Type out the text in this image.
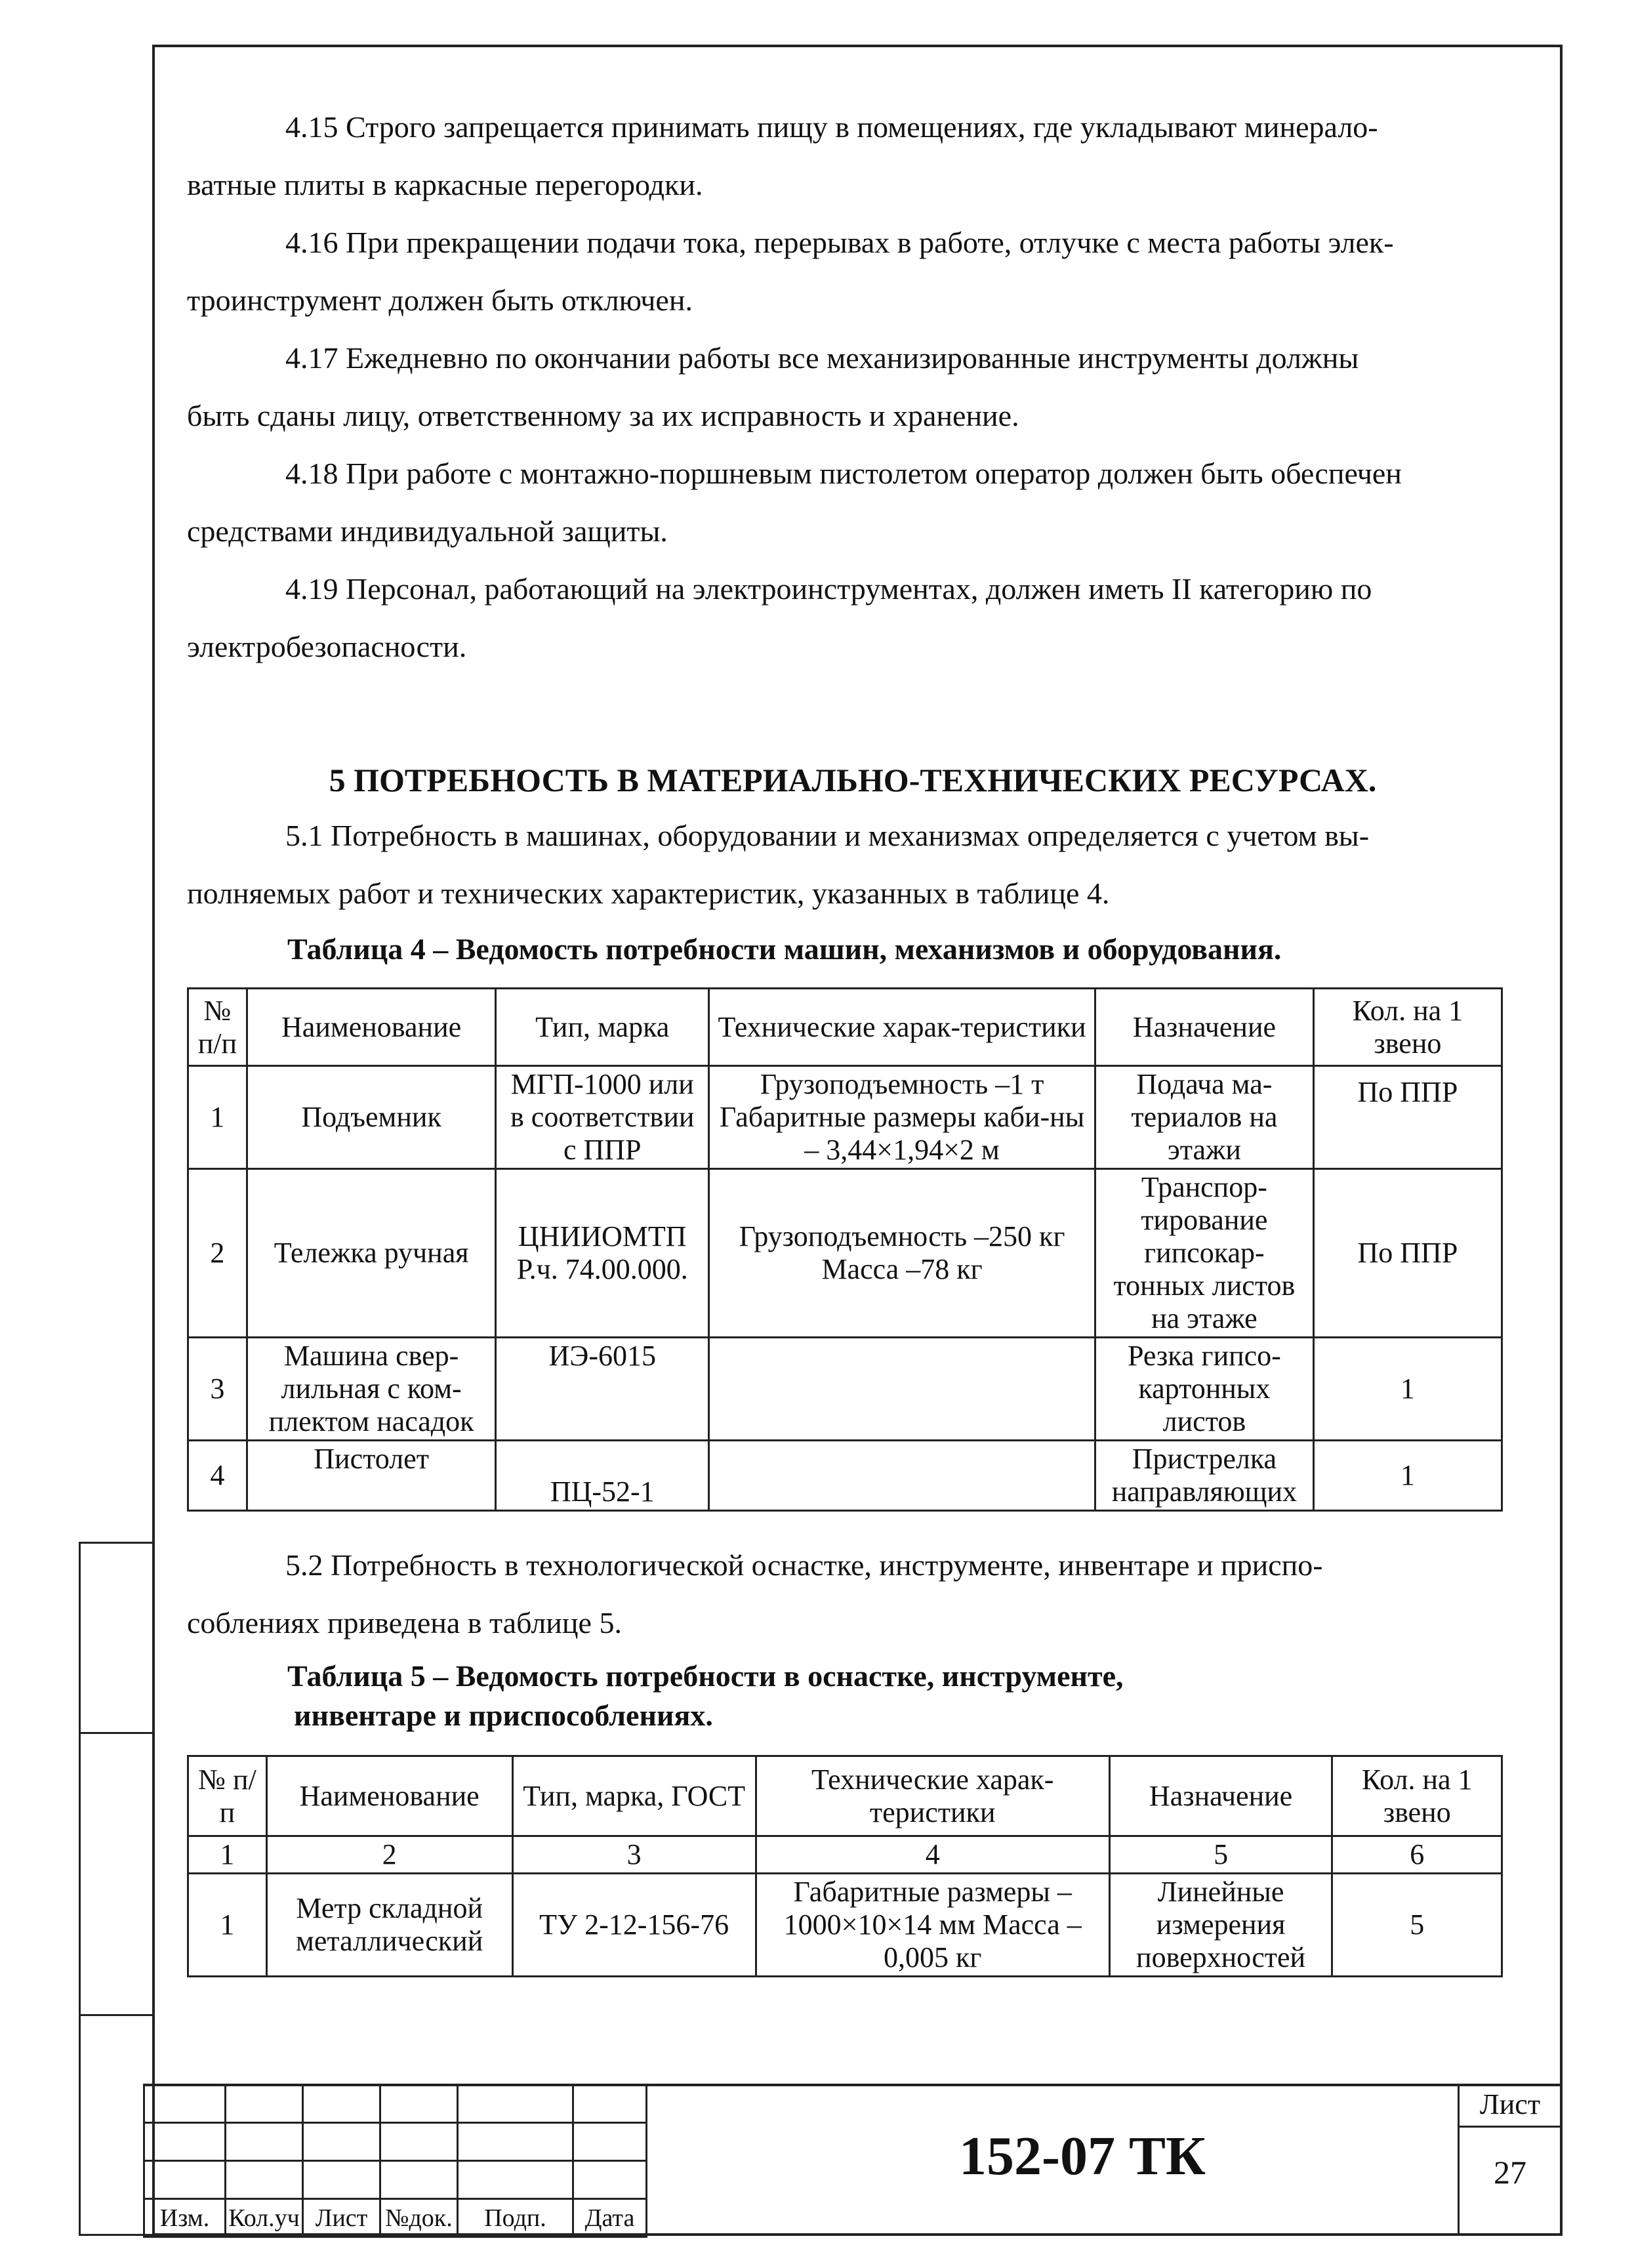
4.15 Строго запрещается принимать пищу в помещениях, где укладывают минерало-
ватные плиты в каркасные перегородки.
4.16 При прекращении подачи тока, перерывах в работе, отлучке с места работы элек-
троинструмент должен быть отключен.
4.17 Ежедневно по окончании работы все механизированные инструменты должны
быть сданы лицу, ответственному за их исправность и хранение.
4.18 При работе с монтажно-поршневым пистолетом оператор должен быть обеспечен
средствами индивидуальной защиты.
4.19 Персонал, работающий на электроинструментах, должен иметь II категорию по
электробезопасности.
5 ПОТРЕБНОСТЬ В МАТЕРИАЛЬНО-ТЕХНИЧЕСКИХ РЕСУРСАХ.
5.1 Потребность в машинах, оборудовании и механизмах определяется с учетом вы-
полняемых работ и технических характеристик, указанных в таблице 4.
Таблица 4 – Ведомость потребности машин, механизмов и оборудования.
№ п/п	Наименование	Тип, марка	Технические харак-теристики	Назначение	Кол. на 1 звено
1	Подъемник	МГП-1000 или в соответствии с ППР	Грузоподъемность –1 т Габаритные размеры каби-ны – 3,44×1,94×2 м	Подача ма-териалов на этажи	По ППР
2	Тележка ручная	ЦНИИОМТП Р.ч. 74.00.000.	Грузоподъемность –250 кг Масса –78 кг	Транспор-тирование гипсокар-тонных листов на этаже	По ППР
3	Машина свер-лильная с ком-плектом насадок	ИЭ-6015		Резка гипсо-картонных листов	1
4	Пистолет	ПЦ-52-1		Пристрелка направляющих	1
5.2 Потребность в технологической оснастке, инструменте, инвентаре и приспо-
соблениях приведена в таблице 5.
Таблица 5 – Ведомость потребности в оснастке, инструменте,
инвентаре и приспособлениях.
№ п/п	Наименование	Тип, марка, ГОСТ	Технические харак-теристики	Назначение	Кол. на 1 звено
1	2	3	4	5	6
1	Метр складной металлический	ТУ 2-12-156-76	Габаритные размеры – 1000×10×14 мм Масса – 0,005 кг	Линейные измерения поверхностей	5

Изм.	Кол.уч	Лист	№док.	Подп.	Дата
152-07 ТК
Лист
27
